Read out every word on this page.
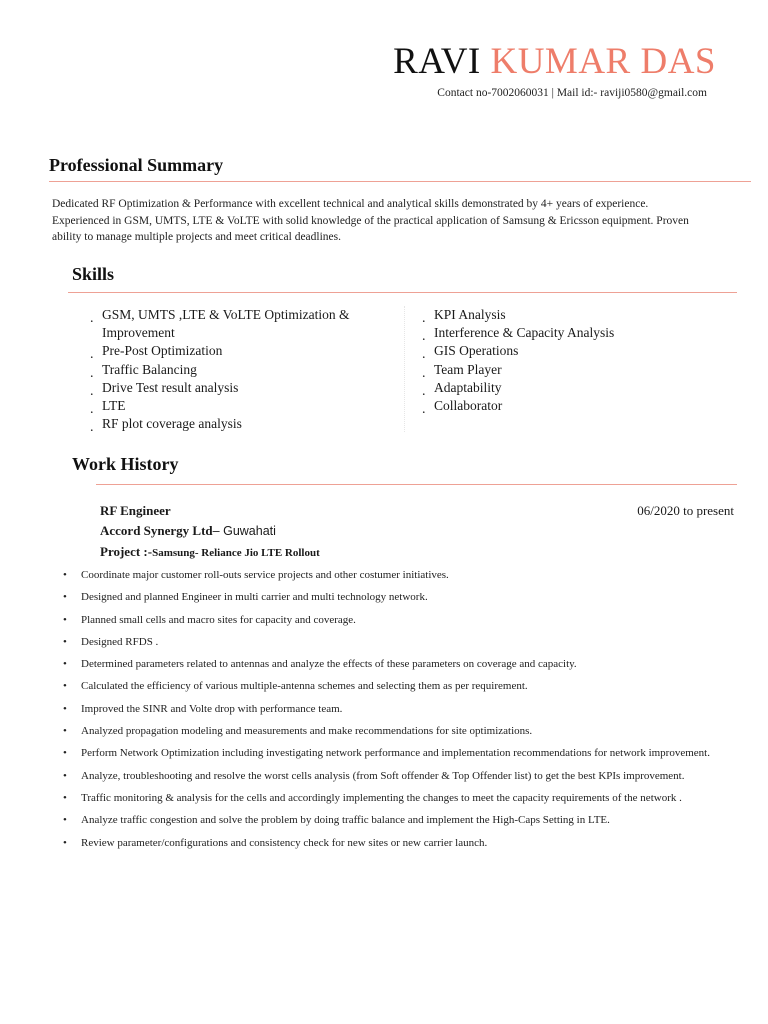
RAVI KUMAR DAS
Contact no-7002060031 | Mail id:- raviji0580@gmail.com
Professional Summary
Dedicated RF Optimization & Performance with excellent technical and analytical skills demonstrated by 4+ years of experience. Experienced in GSM, UMTS, LTE & VoLTE with solid knowledge of the practical application of Samsung & Ericsson equipment. Proven ability to manage multiple projects and meet critical deadlines.
Skills
. GSM, UMTS ,LTE & VoLTE Optimization & Improvement
. Pre-Post Optimization
. Traffic Balancing
. Drive Test result analysis
. LTE
. RF plot coverage analysis
. KPI Analysis
. Interference & Capacity Analysis
. GIS Operations
. Team Player
. Adaptability
. Collaborator
Work History
RF Engineer	06/2020 to present
Accord Synergy Ltd– Guwahati
Project :-Samsung- Reliance Jio LTE Rollout
• Coordinate major customer roll-outs service projects and other costumer initiatives.
• Designed and planned Engineer in multi carrier and multi technology network.
• Planned small cells and macro sites for capacity and coverage.
• Designed RFDS .
• Determined parameters related to antennas and analyze the effects of these parameters on coverage and capacity.
• Calculated the efficiency of various multiple-antenna schemes and selecting them as per requirement.
• Improved the SINR and Volte drop with performance team.
• Analyzed propagation modeling and measurements and make recommendations for site optimizations.
• Perform Network Optimization including investigating network performance and implementation recommendations for network improvement.
• Analyze, troubleshooting and resolve the worst cells analysis (from Soft offender & Top Offender list) to get the best KPIs improvement.
• Traffic monitoring & analysis for the cells and accordingly implementing the changes to meet the capacity requirements of the network .
• Analyze traffic congestion and solve the problem by doing traffic balance and implement the High-Caps Setting in LTE.
• Review parameter/configurations and consistency check for new sites or new carrier launch.
